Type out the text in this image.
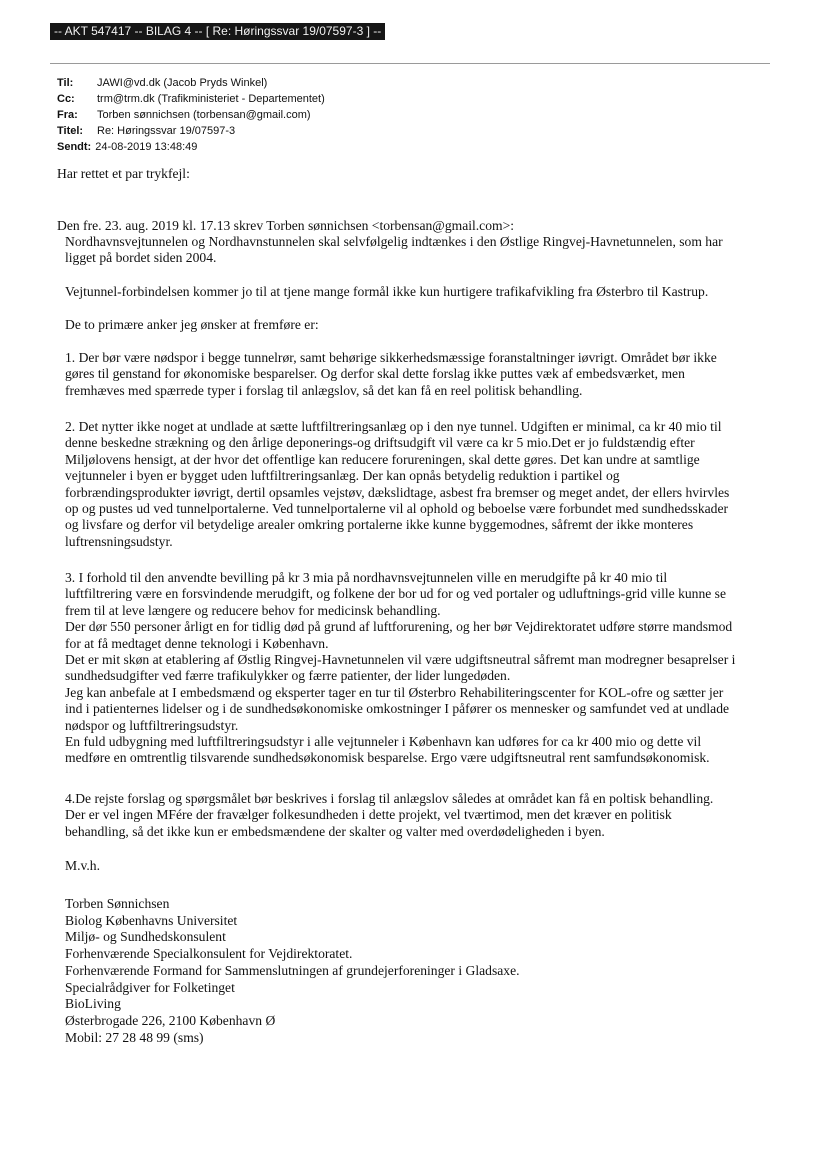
-- AKT 547417 -- BILAG 4 -- [ Re: Høringssvar 19/07597-3 ] --
Til:	JAWI@vd.dk (Jacob Pryds Winkel)
Cc:	trm@trm.dk (Trafikministeriet - Departementet)
Fra:	Torben sønnichsen (torbensan@gmail.com)
Titel:	Re: Høringssvar 19/07597-3
Sendt: 24-08-2019 13:48:49
Har rettet et par trykfejl:
Den fre. 23. aug. 2019 kl. 17.13 skrev Torben sønnichsen <torbensan@gmail.com>:
Nordhavnsvejtunnelen og Nordhavnstunnelen skal selvfølgelig indtænkes i den Østlige Ringvej-Havnetunnelen, som har
ligget på bordet siden 2004.
Vejtunnel-forbindelsen kommer jo til at tjene mange formål ikke kun hurtigere trafikafvikling fra Østerbro til Kastrup.
De to primære anker jeg ønsker at fremføre er:
1. Der bør være nødspor i begge tunnelrør, samt behørige sikkerhedsmæssige foranstaltninger iøvrigt. Området bør ikke
gøres til genstand for økonomiske besparelser. Og derfor skal dette forslag ikke puttes væk af embedsværket, men
fremhæves med spærrede typer i forslag til anlægslov, så det kan få en reel politisk behandling.
2. Det nytter ikke noget at undlade at sætte luftfiltreringsanlæg op i den nye tunnel. Udgiften er minimal, ca kr 40 mio til
denne beskedne strækning og den årlige deponerings-og driftsudgift vil være ca kr 5 mio.Det er jo fuldstændig efter
Miljølovens hensigt, at der hvor det offentlige kan reducere forureningen, skal dette gøres. Det kan undre at samtlige
vejtunneler i byen er bygget uden luftfiltreringsanlæg. Der kan opnås betydelig reduktion i partikel og
forbrændingsprodukter iøvrigt, dertil opsamles vejstøv, dækslidtage, asbest fra bremser og meget andet, der ellers hvirvles
op og pustes ud ved tunnelportalerne. Ved tunnelportalerne vil al ophold og beboelse være forbundet med sundhedsskader
og livsfare og derfor vil betydelige arealer omkring portalerne ikke kunne byggemodnes, såfremt der ikke monteres
luftrensningsudstyr.
3. I forhold til den anvendte bevilling på kr 3 mia på nordhavnsvejtunnelen ville en merudgifte på kr 40 mio til
luftfiltrering være en forsvindende merudgift, og folkene der bor ud for og ved portaler og udluftnings-grid ville kunne se
frem til at leve længere og reducere behov for medicinsk behandling.
Der dør 550 personer årligt en for tidlig død på grund af luftforurening, og her bør Vejdirektoratet udføre større mandsmod
for at få medtaget denne teknologi i København.
Det er mit skøn at etablering af Østlig Ringvej-Havnetunnelen vil være udgiftsneutral såfremt man modregner besaprelser i
sundhedsudgifter ved færre trafikulykker og færre patienter, der lider lungedøden.
Jeg kan anbefale at I embedsmænd og eksperter tager en tur til Østerbro Rehabiliteringscenter for KOL-ofre og sætter jer
ind i patienternes lidelser og i de sundhedsøkonomiske omkostninger I påfører os mennesker og samfundet ved at undlade
nødspor og luftfiltreringsudstyr.
En fuld udbygning med luftfiltreringsudstyr i alle vejtunneler i København kan udføres for ca kr 400 mio og dette vil
medføre en omtrentlig tilsvarende sundhedsøkonomisk besparelse. Ergo være udgiftsneutral rent samfundsøkonomisk.
4.De rejste forslag og spørgsmålet bør beskrives i forslag til anlægslov således at området kan få en poltisk behandling.
Der er vel ingen MFére der fravælger folkesundheden i dette projekt, vel tværtimod, men det kræver en politisk
behandling, så det ikke kun er embedsmændene der skalter og valter med overdødeligheden i byen.
M.v.h.
Torben Sønnichsen
Biolog Københavns Universitet
Miljø- og Sundhedskonsulent
Forhenværende Specialkonsulent for Vejdirektoratet.
Forhenværende Formand for Sammenslutningen af grundejerforeninger i Gladsaxe.
Specialrådgiver for Folketinget
BioLiving
Østerbrogade 226, 2100 København Ø
Mobil: 27 28 48 99 (sms)
